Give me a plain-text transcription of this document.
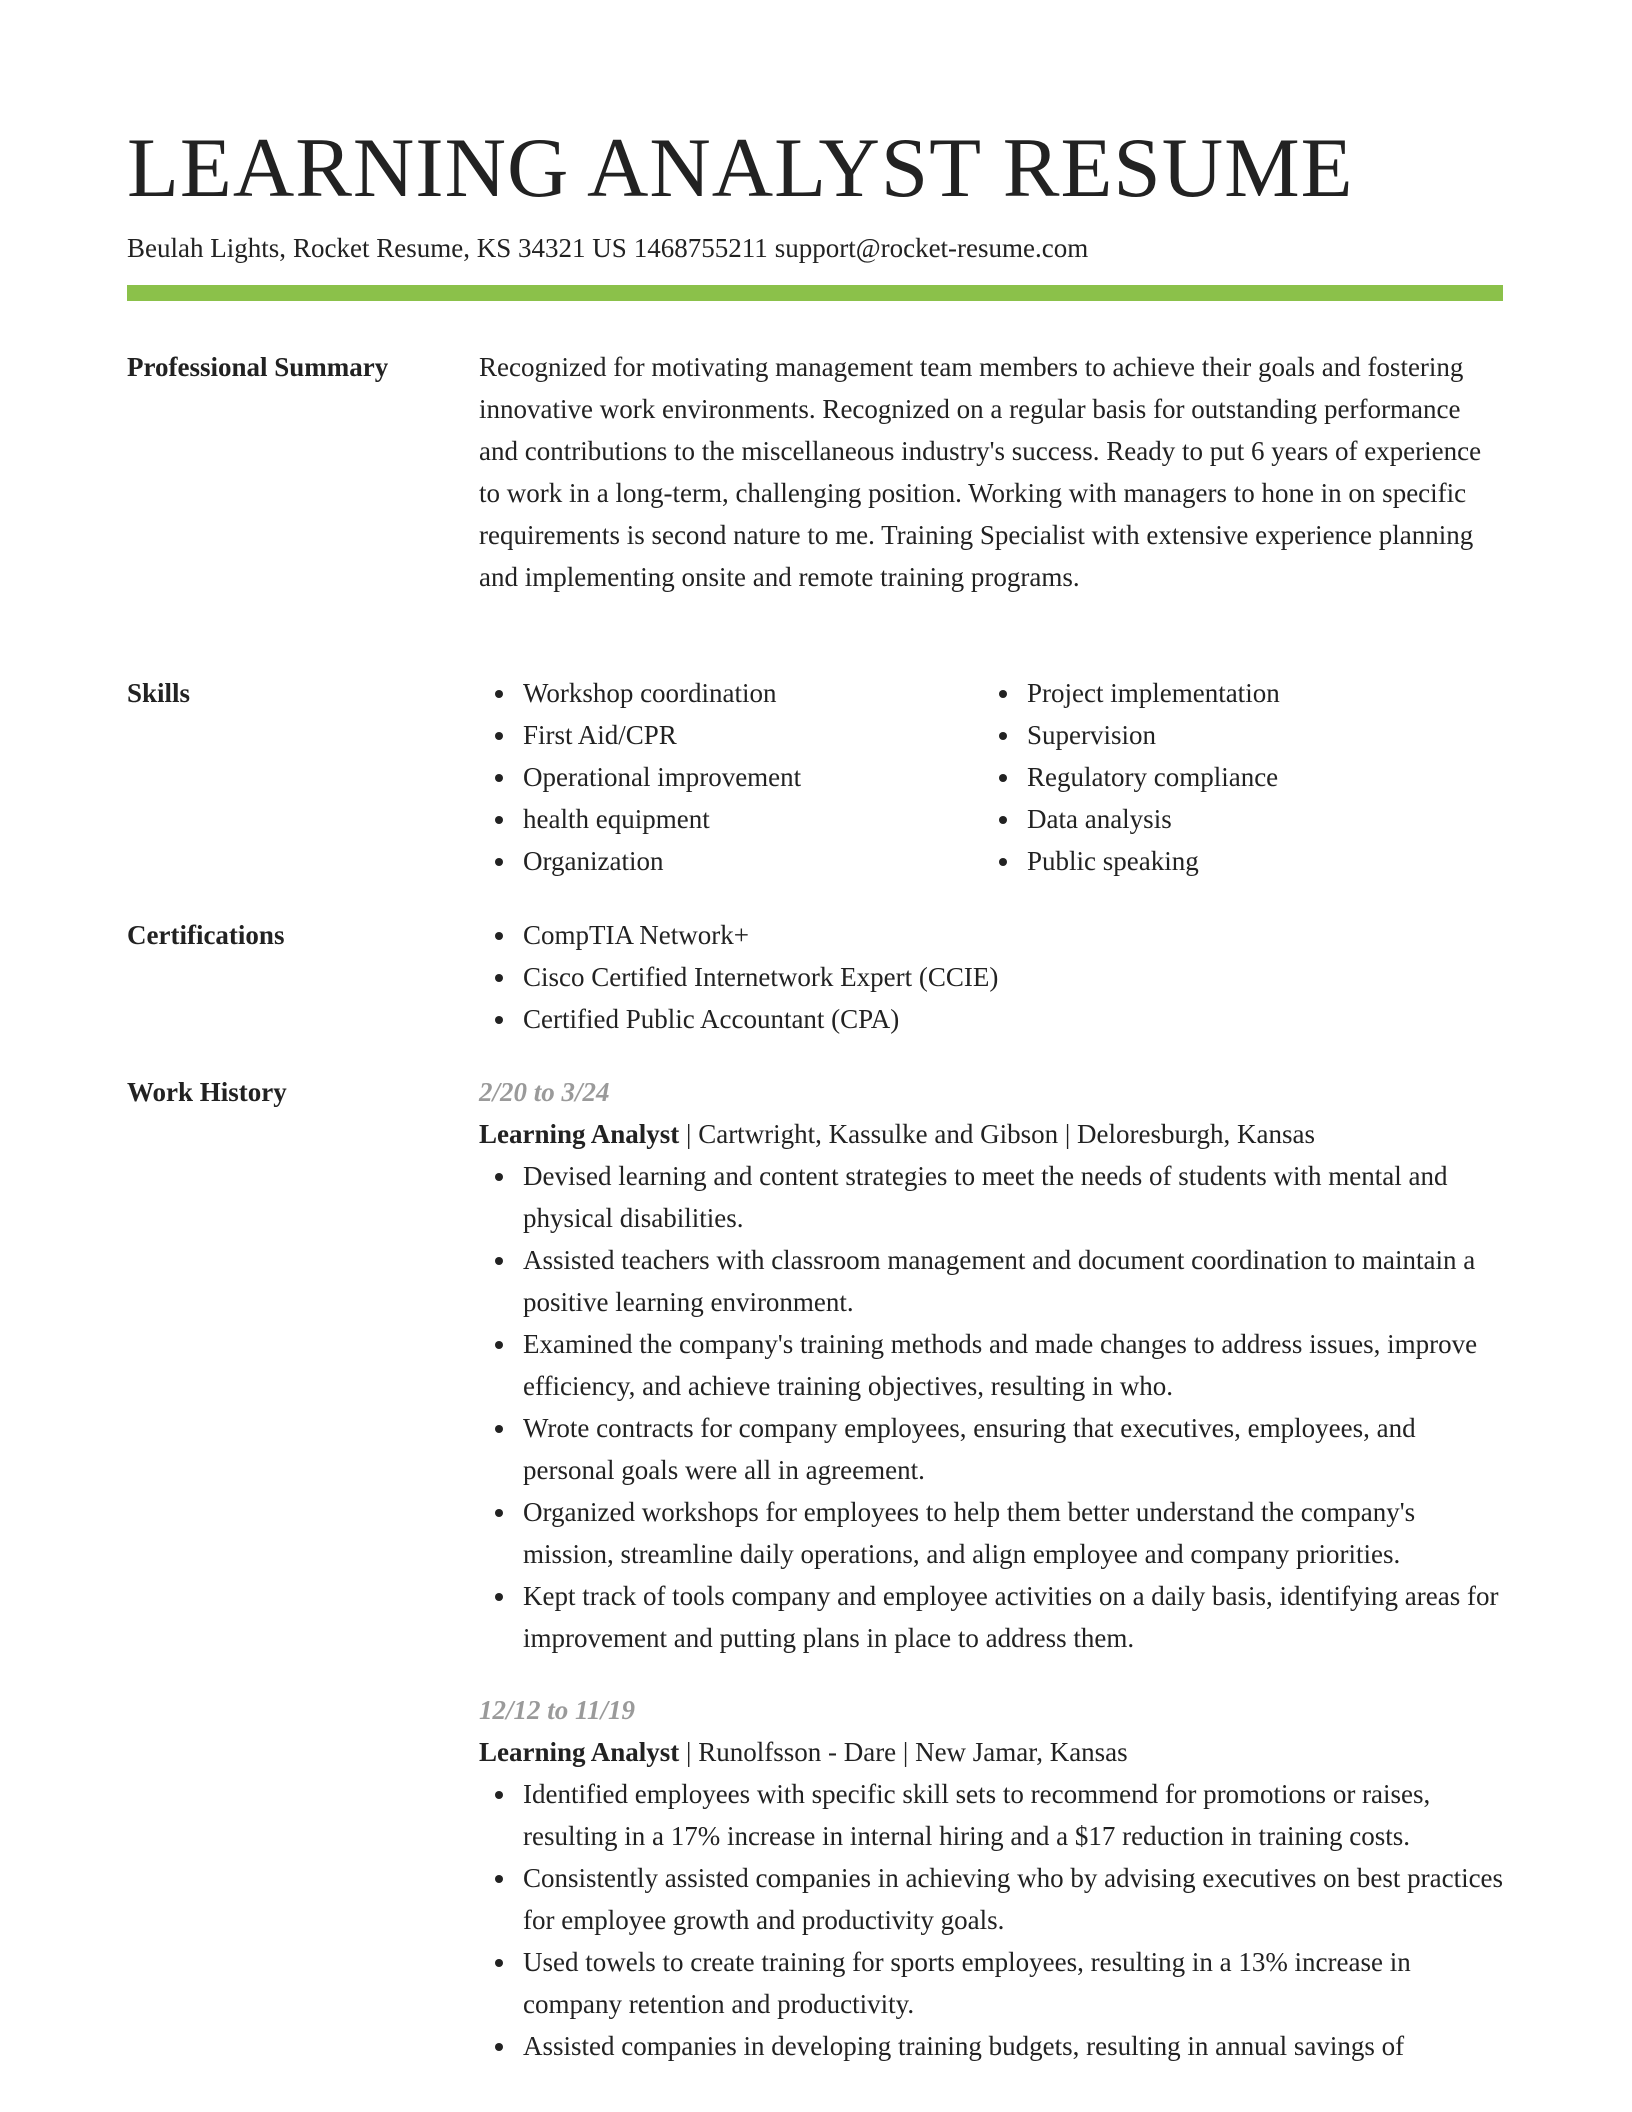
LEARNING ANALYST RESUME
Beulah Lights, Rocket Resume, KS 34321 US 1468755211 support@rocket-resume.com
Professional Summary	Recognized for motivating management team members to achieve their goals and fostering innovative work environments. Recognized on a regular basis for outstanding performance and contributions to the miscellaneous industry's success. Ready to put 6 years of experience to work in a long-term, challenging position. Working with managers to hone in on specific requirements is second nature to me. Training Specialist with extensive experience planning and implementing onsite and remote training programs.

Skills	Workshop coordination
First Aid/CPR
Operational improvement
health equipment
Organization
Project implementation
Supervision
Regulatory compliance
Data analysis
Public speaking
Certifications	CompTIA Network+
Cisco Certified Internetwork Expert (CCIE)
Certified Public Accountant (CPA)
Work History	2/20 to 3/24
Learning Analyst | Cartwright, Kassulke and Gibson | Deloresburgh, Kansas
Devised learning and content strategies to meet the needs of students with mental and physical disabilities.
Assisted teachers with classroom management and document coordination to maintain a positive learning environment.
Examined the company's training methods and made changes to address issues, improve efficiency, and achieve training objectives, resulting in who.
Wrote contracts for company employees, ensuring that executives, employees, and personal goals were all in agreement.
Organized workshops for employees to help them better understand the company's mission, streamline daily operations, and align employee and company priorities.
Kept track of tools company and employee activities on a daily basis, identifying areas for improvement and putting plans in place to address them.
12/12 to 11/19
Learning Analyst | Runolfsson - Dare | New Jamar, Kansas
Identified employees with specific skill sets to recommend for promotions or raises, resulting in a 17% increase in internal hiring and a $17 reduction in training costs.
Consistently assisted companies in achieving who by advising executives on best practices for employee growth and productivity goals.
Used towels to create training for sports employees, resulting in a 13% increase in company retention and productivity.
Assisted companies in developing training budgets, resulting in annual savings of
